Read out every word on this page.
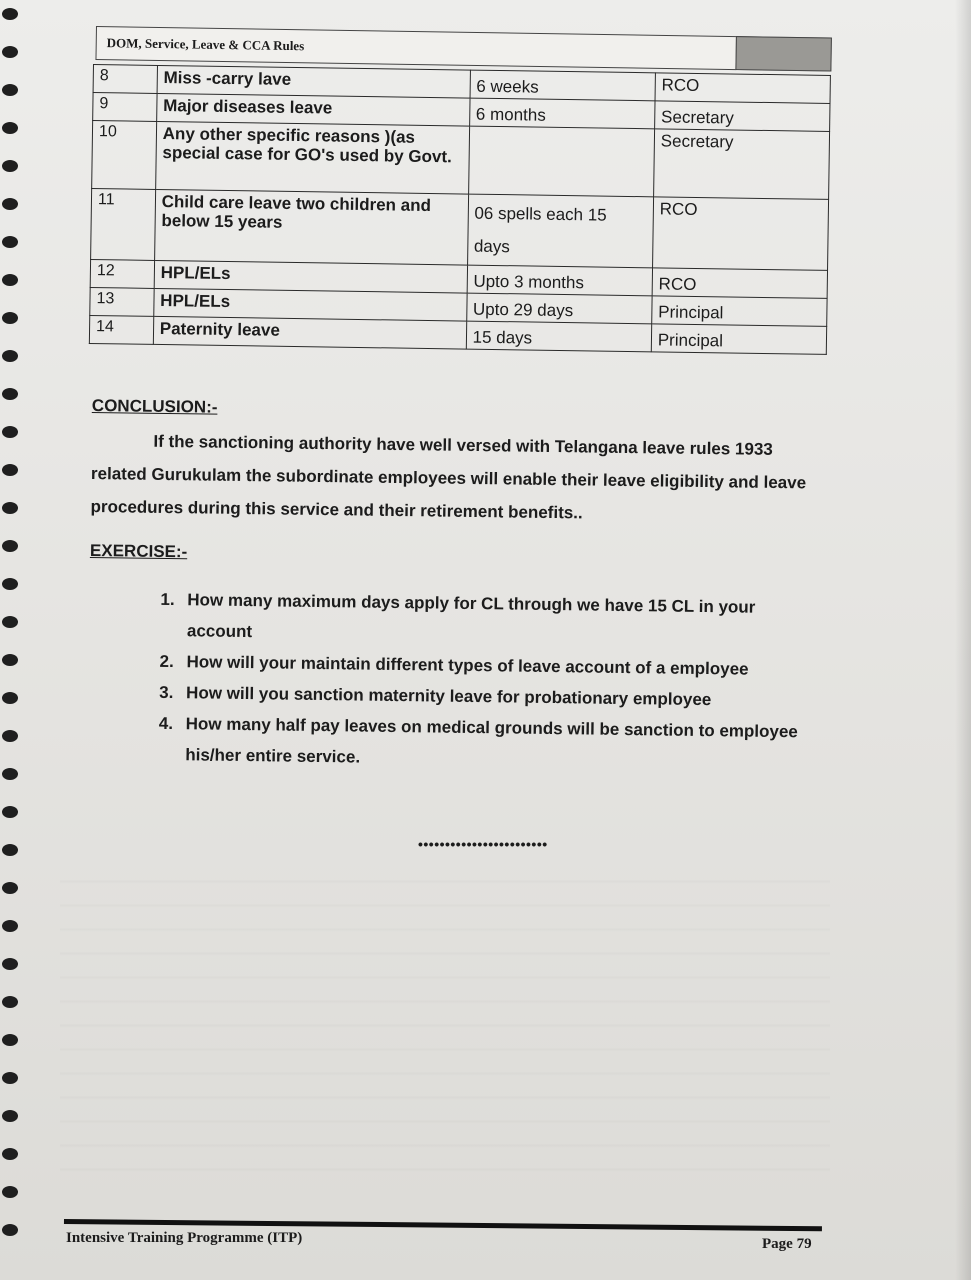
DOM, Service, Leave & CCA Rules
8	Miss -carry lave	6 weeks	RCO
9	Major diseases leave	6 months	Secretary
10	Any other specific reasons )(as special case for GO's used by Govt.		Secretary
11	Child care leave two children and below 15 years	06 spells each 15 days	RCO
12	HPL/ELs	Upto 3 months	RCO
13	HPL/ELs	Upto 29 days	Principal
14	Paternity leave	15 days	Principal

CONCLUSION:-

If the sanctioning authority have well versed with Telangana leave rules 1933 related Gurukulam the subordinate employees will enable their leave eligibility and leave procedures during this service and their retirement benefits..

EXERCISE:-

1. How many maximum days apply for CL through we have 15 CL in your account
2. How will your maintain different types of leave account of a employee
3. How will you sanction maternity leave for probationary employee
4. How many half pay leaves on medical grounds will be sanction to employee his/her entire service.
••••••••••••••••••••••••
Intensive Training Programme (ITP)	Page 79
